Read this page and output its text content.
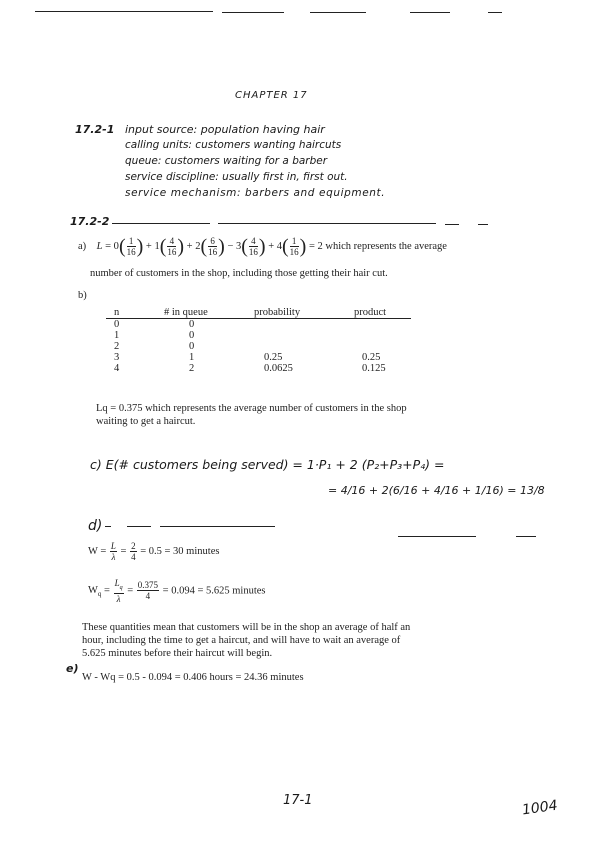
CHAPTER 17
17.2-1 input source: population having hair
calling units: customers wanting haircuts
queue: customers waiting for a barber
service discipline: usually first in, first out.
service mechanism: barbers and equipment.
17.2-2
a) $L = 0( \frac{1}{16}$ ) + $1( \frac{4}{16}$ ) + $2( \frac{6}{16}$ ) − $3( \frac{4}{16}$ ) + $4( \frac{1}{16}$ ) = 2 which represents the average
number of customers in the shop, including those getting their hair cut.
b)
n	# in queue	probability	product
0	0		
1	0		
2	0		
3	1	0.25	0.25
4	2	0.0625	0.125
Lq = 0.375 which represents the average number of customers in the shop
waiting to get a haircut.
c) E(# customers being served) = 1·P₁ + 2 (P₂+P₃+P₄) =
= 4/16 + 2(6/16 + 4/16 + 1/16) = 13/8
d)
$W = \frac{L}{\lambda} = \frac{2}{4} = 0.5 = 30$ minutes
$W_q = \frac{L_q}{\lambda} = \frac{0.375}{4} = 0.094 = 5.625$ minutes
These quantities mean that customers will be in the shop an average of half an
hour, including the time to get a haircut, and will have to wait an average of
5.625 minutes before their haircut will begin.
e)
W - Wq = 0.5 - 0.094 = 0.406 hours = 24.36 minutes
17-1	1004
